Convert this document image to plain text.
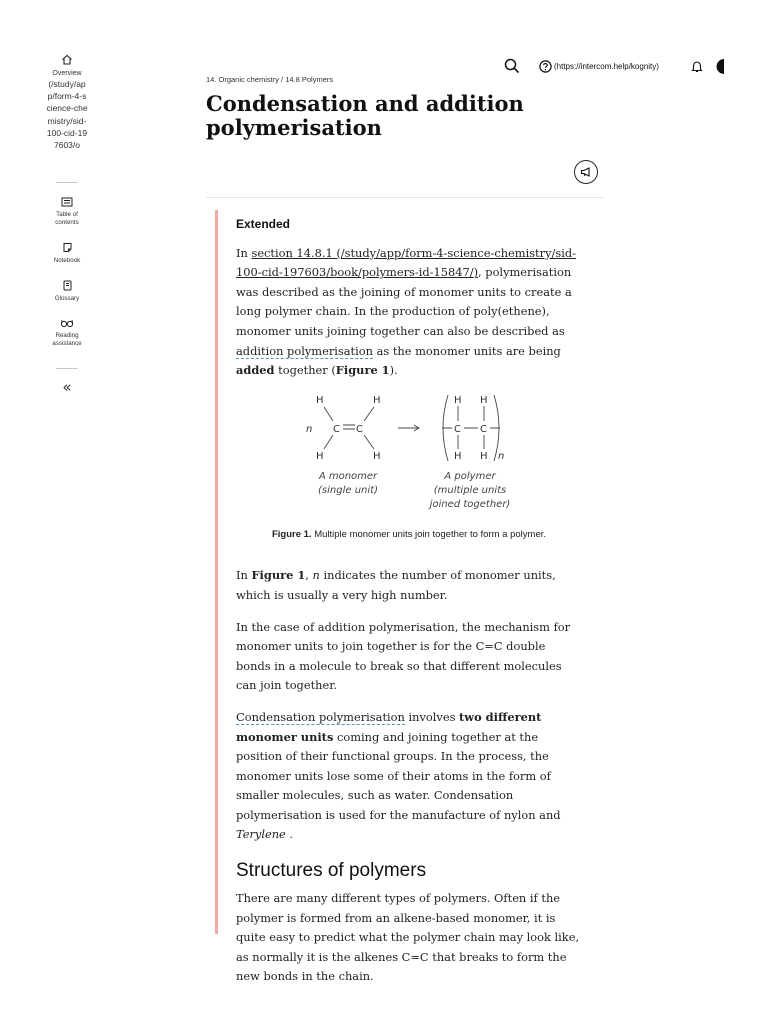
Overview
(/study/app/form-4-science-chemistry/sid-100-cid-197603/o
Table of contents
Notebook
Glossary
Reading assistance
«
14. Organic chemistry / 14.8 Polymers
Condensation and addition polymerisation
(https://intercom.help/kognity)
Extended

In section 14.8.1 (/study/app/form-4-science-chemistry/sid-100-cid-197603/book/polymers-id-15847/), polymerisation was described as the joining of monomer units to create a long polymer chain. In the production of poly(ethene), monomer units joining together can also be described as addition polymerisation as the monomer units are being added together (Figure 1).

H	H
H	H
n C C
H H
C C
H H n
A monomer
(single unit)
A polymer
(multiple units
joined together)
Figure 1. Multiple monomer units join together to form a polymer.

In Figure 1, n indicates the number of monomer units, which is usually a very high number.

In the case of addition polymerisation, the mechanism for monomer units to join together is for the C=C double bonds in a molecule to break so that different molecules can join together.

Condensation polymerisation involves two different monomer units coming and joining together at the position of their functional groups. In the process, the monomer units lose some of their atoms in the form of smaller molecules, such as water. Condensation polymerisation is used for the manufacture of nylon and Terylene .

Structures of polymers

There are many different types of polymers. Often if the polymer is formed from an alkene-based monomer, it is quite easy to predict what the polymer chain may look like, as normally it is the alkenes C=C that breaks to form the new bonds in the chain.
